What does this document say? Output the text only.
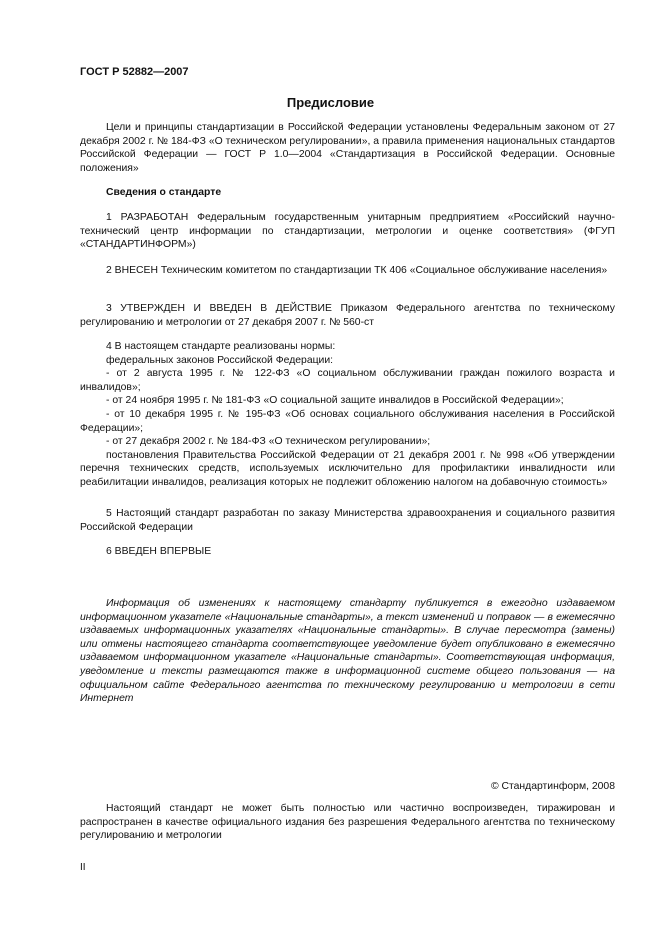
ГОСТ Р 52882—2007
Предисловие
Цели и принципы стандартизации в Российской Федерации установлены Федеральным законом от 27 декабря 2002 г. № 184-ФЗ «О техническом регулировании», а правила применения национальных стандартов Российской Федерации — ГОСТ Р 1.0—2004 «Стандартизация в Российской Федерации. Основные положения»
Сведения о стандарте
1 РАЗРАБОТАН Федеральным государственным унитарным предприятием «Российский научно-технический центр информации по стандартизации, метрологии и оценке соответствия» (ФГУП «СТАНДАРТИНФОРМ»)
2 ВНЕСЕН Техническим комитетом по стандартизации ТК 406 «Социальное обслуживание населения»
3 УТВЕРЖДЕН И ВВЕДЕН В ДЕЙСТВИЕ Приказом Федерального агентства по техническому регулированию и метрологии от 27 декабря 2007 г. № 560-ст
4 В настоящем стандарте реализованы нормы:
федеральных законов Российской Федерации:
- от 2 августа 1995 г. № 122-ФЗ «О социальном обслуживании граждан пожилого возраста и инвалидов»;
- от 24 ноября 1995 г. № 181-ФЗ «О социальной защите инвалидов в Российской Федерации»;
- от 10 декабря 1995 г. № 195-ФЗ «Об основах социального обслуживания населения в Российской Федерации»;
- от 27 декабря 2002 г. № 184-ФЗ «О техническом регулировании»;
постановления Правительства Российской Федерации от 21 декабря 2001 г. № 998 «Об утверждении перечня технических средств, используемых исключительно для профилактики инвалидности или реабилитации инвалидов, реализация которых не подлежит обложению налогом на добавочную стоимость»
5 Настоящий стандарт разработан по заказу Министерства здравоохранения и социального развития Российской Федерации
6 ВВЕДЕН ВПЕРВЫЕ
Информация об изменениях к настоящему стандарту публикуется в ежегодно издаваемом информационном указателе «Национальные стандарты», а текст изменений и поправок — в ежемесячно издаваемых информационных указателях «Национальные стандарты». В случае пересмотра (замены) или отмены настоящего стандарта соответствующее уведомление будет опубликовано в ежемесячно издаваемом информационном указателе «Национальные стандарты». Соответствующая информация, уведомление и тексты размещаются также в информационной системе общего пользования — на официальном сайте Федерального агентства по техническому регулированию и метрологии в сети Интернет
© Стандартинформ, 2008
Настоящий стандарт не может быть полностью или частично воспроизведен, тиражирован и распространен в качестве официального издания без разрешения Федерального агентства по техническому регулированию и метрологии
II
